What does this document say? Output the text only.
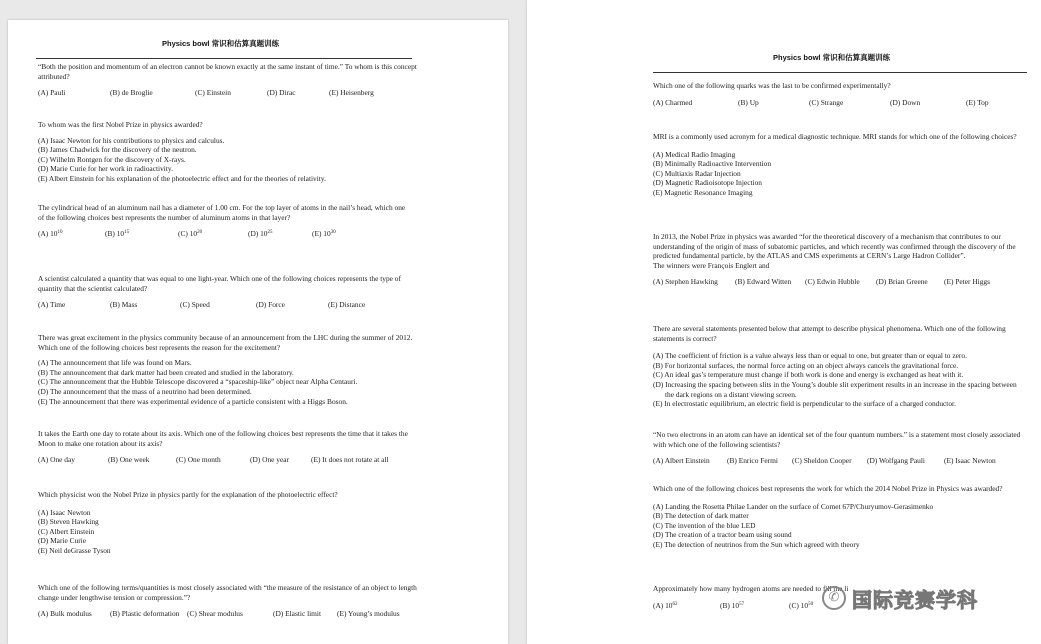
Physics bowl 常识和估算真题训练
“Both the position and momentum of an electron cannot be known exactly at the same instant of time.” To whom is this concept attributed?
(A) Pauli	(B) de Broglie	(C) Einstein	(D) Dirac	(E) Heisenberg
To whom was the first Nobel Prize in physics awarded?
(A) Isaac Newton for his contributions to physics and calculus.
(B) James Chadwick for the discovery of the neutron.
(C) Wilhelm Rontgen for the discovery of X-rays.
(D) Marie Curie for her work in radioactivity.
(E) Albert Einstein for his explanation of the photoelectric effect and for the theories of relativity.
The cylindrical head of an aluminum nail has a diameter of 1.00 cm. For the top layer of atoms in the nail’s head, which one of the following choices best represents the number of aluminum atoms in that layer?
(A) $10^{10}$	(B) $10^{15}$	(C) $10^{20}$	(D) $10^{25}$	(E) $10^{30}$
A scientist calculated a quantity that was equal to one light-year. Which one of the following choices represents the type of quantity that the scientist calculated?
(A) Time	(B) Mass	(C) Speed	(D) Force	(E) Distance
There was great excitement in the physics community because of an announcement from the LHC during the summer of 2012. Which one of the following choices best represents the reason for the excitement?
(A) The announcement that life was found on Mars.
(B) The announcement that dark matter had been created and studied in the laboratory.
(C) The announcement that the Hubble Telescope discovered a “spaceship-like” object near Alpha Centauri.
(D) The announcement that the mass of a neutrino had been determined.
(E) The announcement that there was experimental evidence of a particle consistent with a Higgs Boson.
It takes the Earth one day to rotate about its axis. Which one of the following choices best represents the time that it takes the Moon to make one rotation about its axis?
(A) One day	(B) One week	(C) One month	(D) One year	(E) It does not rotate at all
Which physicist won the Nobel Prize in physics partly for the explanation of the photoelectric effect?
(A) Isaac Newton
(B) Steven Hawking
(C) Albert Einstein
(D) Marie Curie
(E) Neil deGrasse Tyson
Which one of the following terms/quantities is most closely associated with “the measure of the resistance of an object to length change under lengthwise tension or compression.”?
(A) Bulk modulus (B) Plastic deformation (C) Shear modulus	(D) Elastic limit (E) Young’s modulus
Physics bowl 常识和估算真题训练
Which one of the following quarks was the last to be confirmed experimentally?
(A) Charmed	(B) Up	(C) Strange	(D) Down	(E) Top
MRI is a commonly used acronym for a medical diagnostic technique. MRI stands for which one of the following choices?
(A) Medical Radio Imaging
(B) Minimally Radioactive Intervention
(C) Multiaxis Radar Injection
(D) Magnetic Radioisotope Injection
(E) Magnetic Resonance Imaging
In 2013, the Nobel Prize in physics was awarded “for the theoretical discovery of a mechanism that contributes to our understanding of the origin of mass of subatomic particles, and which recently was confirmed through the discovery of the predicted fundamental particle, by the ATLAS and CMS experiments at CERN’s Large Hadron Collider”.
The winners were François Englert and
(A) Stephen Hawking (B) Edward Witten (C) Edwin Hubble (D) Brian Greene (E) Peter Higgs
There are several statements presented below that attempt to describe physical phenomena. Which one of the following statements is correct?
(A) The coefficient of friction is a value always less than or equal to one, but greater than or equal to zero.
(B) For horizontal surfaces, the normal force acting on an object always cancels the gravitational force.
(C) An ideal gas’s temperature must change if both work is done and energy is exchanged as heat with it.
(D) Increasing the spacing between slits in the Young’s double slit experiment results in an increase in the spacing between the dark regions on a distant viewing screen.
(E) In electrostatic equilibrium, an electric field is perpendicular to the surface of a charged conductor.
“No two electrons in an atom can have an identical set of the four quantum numbers.” is a statement most closely associated with which one of the following scientists?
(A) Albert Einstein (B) Enrico Fermi (C) Sheldon Cooper (D) Wolfgang Pauli	(E) Isaac Newton
Which one of the following choices best represents the work for which the 2014 Nobel Prize in Physics was awarded?
(A) Landing the Rosetta Philae Lander on the surface of Comet 67P/Churyumov-Gerasimenko
(B) The detection of dark matter
(C) The invention of the blue LED
(D) The creation of a tractor beam using sound
(E) The detection of neutrinos from the Sun which agreed with theory
Approximately how many hydrogen atoms are needed to fill the li
(A) $10^{62}$	(B) $10^{57}$	(C) $10^{50}$	✆ 国际竞赛学科
